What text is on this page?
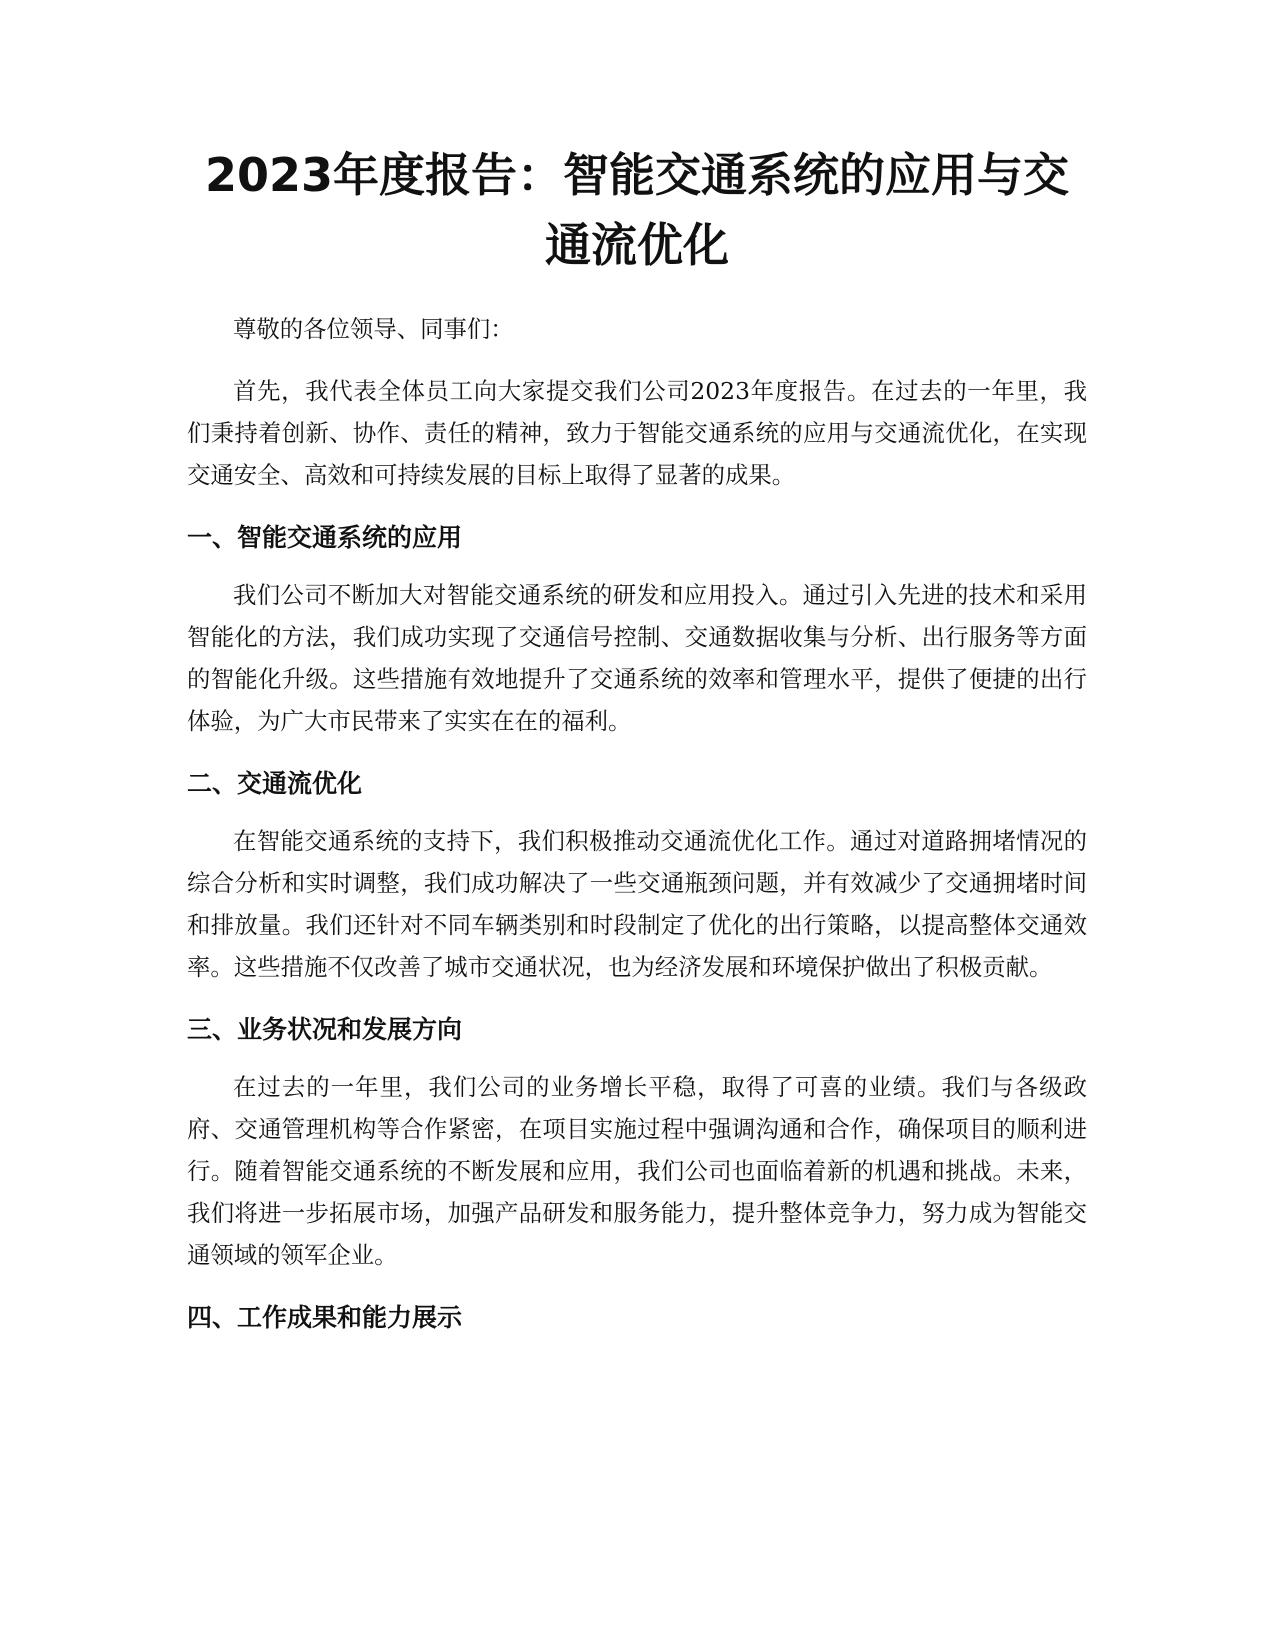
2023年度报告：智能交通系统的应用与交通流优化

尊敬的各位领导、同事们：

首先，我代表全体员工向大家提交我们公司2023年度报告。在过去的一年里，我们秉持着创新、协作、责任的精神，致力于智能交通系统的应用与交通流优化，在实现交通安全、高效和可持续发展的目标上取得了显著的成果。

一、智能交通系统的应用

我们公司不断加大对智能交通系统的研发和应用投入。通过引入先进的技术和采用智能化的方法，我们成功实现了交通信号控制、交通数据收集与分析、出行服务等方面的智能化升级。这些措施有效地提升了交通系统的效率和管理水平，提供了便捷的出行体验，为广大市民带来了实实在在的福利。

二、交通流优化

在智能交通系统的支持下，我们积极推动交通流优化工作。通过对道路拥堵情况的综合分析和实时调整，我们成功解决了一些交通瓶颈问题，并有效减少了交通拥堵时间和排放量。我们还针对不同车辆类别和时段制定了优化的出行策略，以提高整体交通效率。这些措施不仅改善了城市交通状况，也为经济发展和环境保护做出了积极贡献。

三、业务状况和发展方向

在过去的一年里，我们公司的业务增长平稳，取得了可喜的业绩。我们与各级政府、交通管理机构等合作紧密，在项目实施过程中强调沟通和合作，确保项目的顺利进行。随着智能交通系统的不断发展和应用，我们公司也面临着新的机遇和挑战。未来，我们将进一步拓展市场，加强产品研发和服务能力，提升整体竞争力，努力成为智能交通领域的领军企业。

四、工作成果和能力展示
